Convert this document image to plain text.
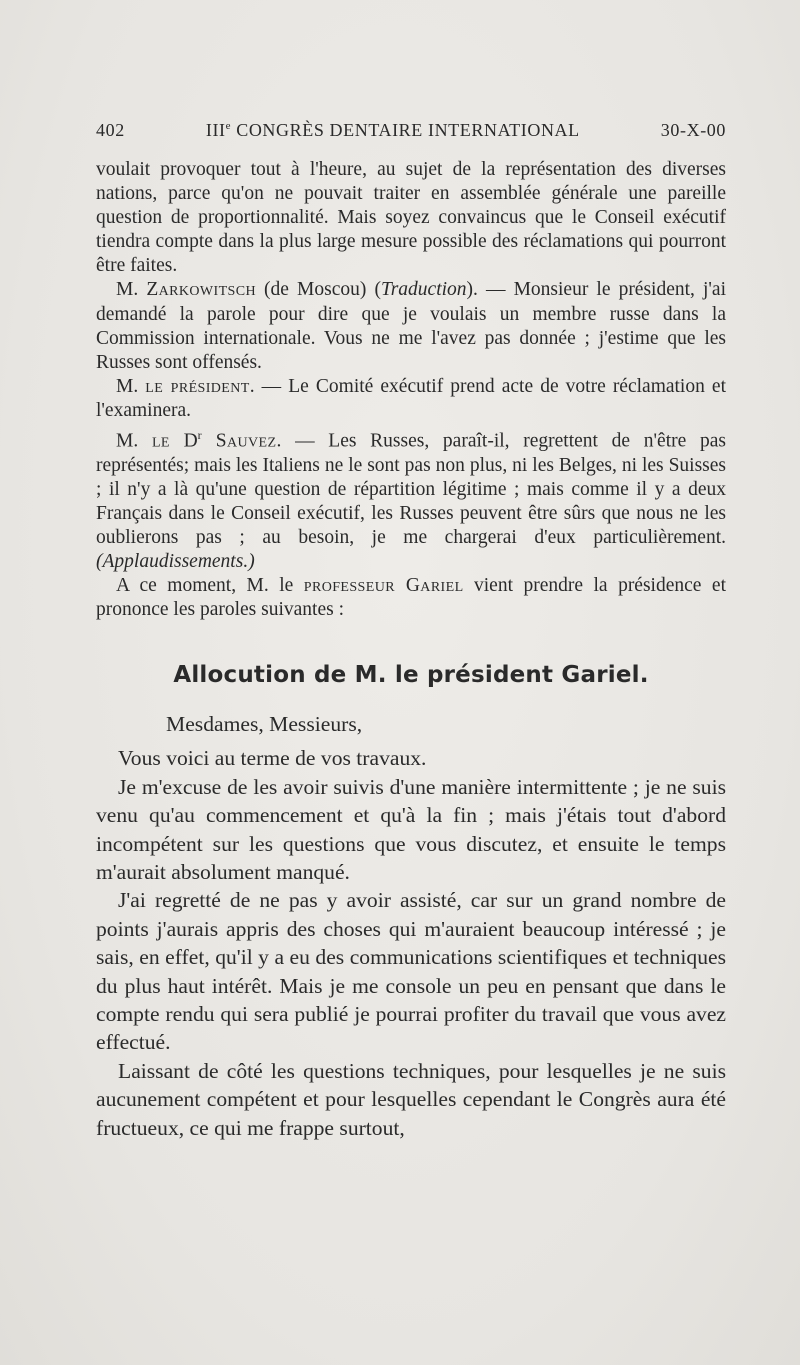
402	IIIe CONGRÈS DENTAIRE INTERNATIONAL	30-X-00

voulait provoquer tout à l'heure, au sujet de la représentation des diverses nations, parce qu'on ne pouvait traiter en assemblée générale une pareille question de proportionnalité. Mais soyez convaincus que le Conseil exécutif tiendra compte dans la plus large mesure possible des réclamations qui pourront être faites.

M. Zarkowitsch (de Moscou) (Traduction). — Monsieur le président, j'ai demandé la parole pour dire que je voulais un membre russe dans la Commission internationale. Vous ne me l'avez pas donnée ; j'estime que les Russes sont offensés.

M. le président. — Le Comité exécutif prend acte de votre réclamation et l'examinera.

M. le $D^r$ Sauvez. — Les Russes, paraît-il, regrettent de n'être pas représentés; mais les Italiens ne le sont pas non plus, ni les Belges, ni les Suisses ; il n'y a là qu'une question de répartition légitime ; mais comme il y a deux Français dans le Conseil exécutif, les Russes peuvent être sûrs que nous ne les oublierons pas ; au besoin, je me chargerai d'eux particulièrement. (Applaudissements.)

A ce moment, M. le professeur Gariel vient prendre la présidence et prononce les paroles suivantes :

Allocution de M. le président Gariel.

Mesdames, Messieurs,

Vous voici au terme de vos travaux.

Je m'excuse de les avoir suivis d'une manière intermittente ; je ne suis venu qu'au commencement et qu'à la fin ; mais j'étais tout d'abord incompétent sur les questions que vous discutez, et ensuite le temps m'aurait absolument manqué.

J'ai regretté de ne pas y avoir assisté, car sur un grand nombre de points j'aurais appris des choses qui m'auraient beaucoup intéressé ; je sais, en effet, qu'il y a eu des communications scientifiques et techniques du plus haut intérêt. Mais je me console un peu en pensant que dans le compte rendu qui sera publié je pourrai profiter du travail que vous avez effectué.

Laissant de côté les questions techniques, pour lesquelles je ne suis aucunement compétent et pour lesquelles cependant le Congrès aura été fructueux, ce qui me frappe surtout,
